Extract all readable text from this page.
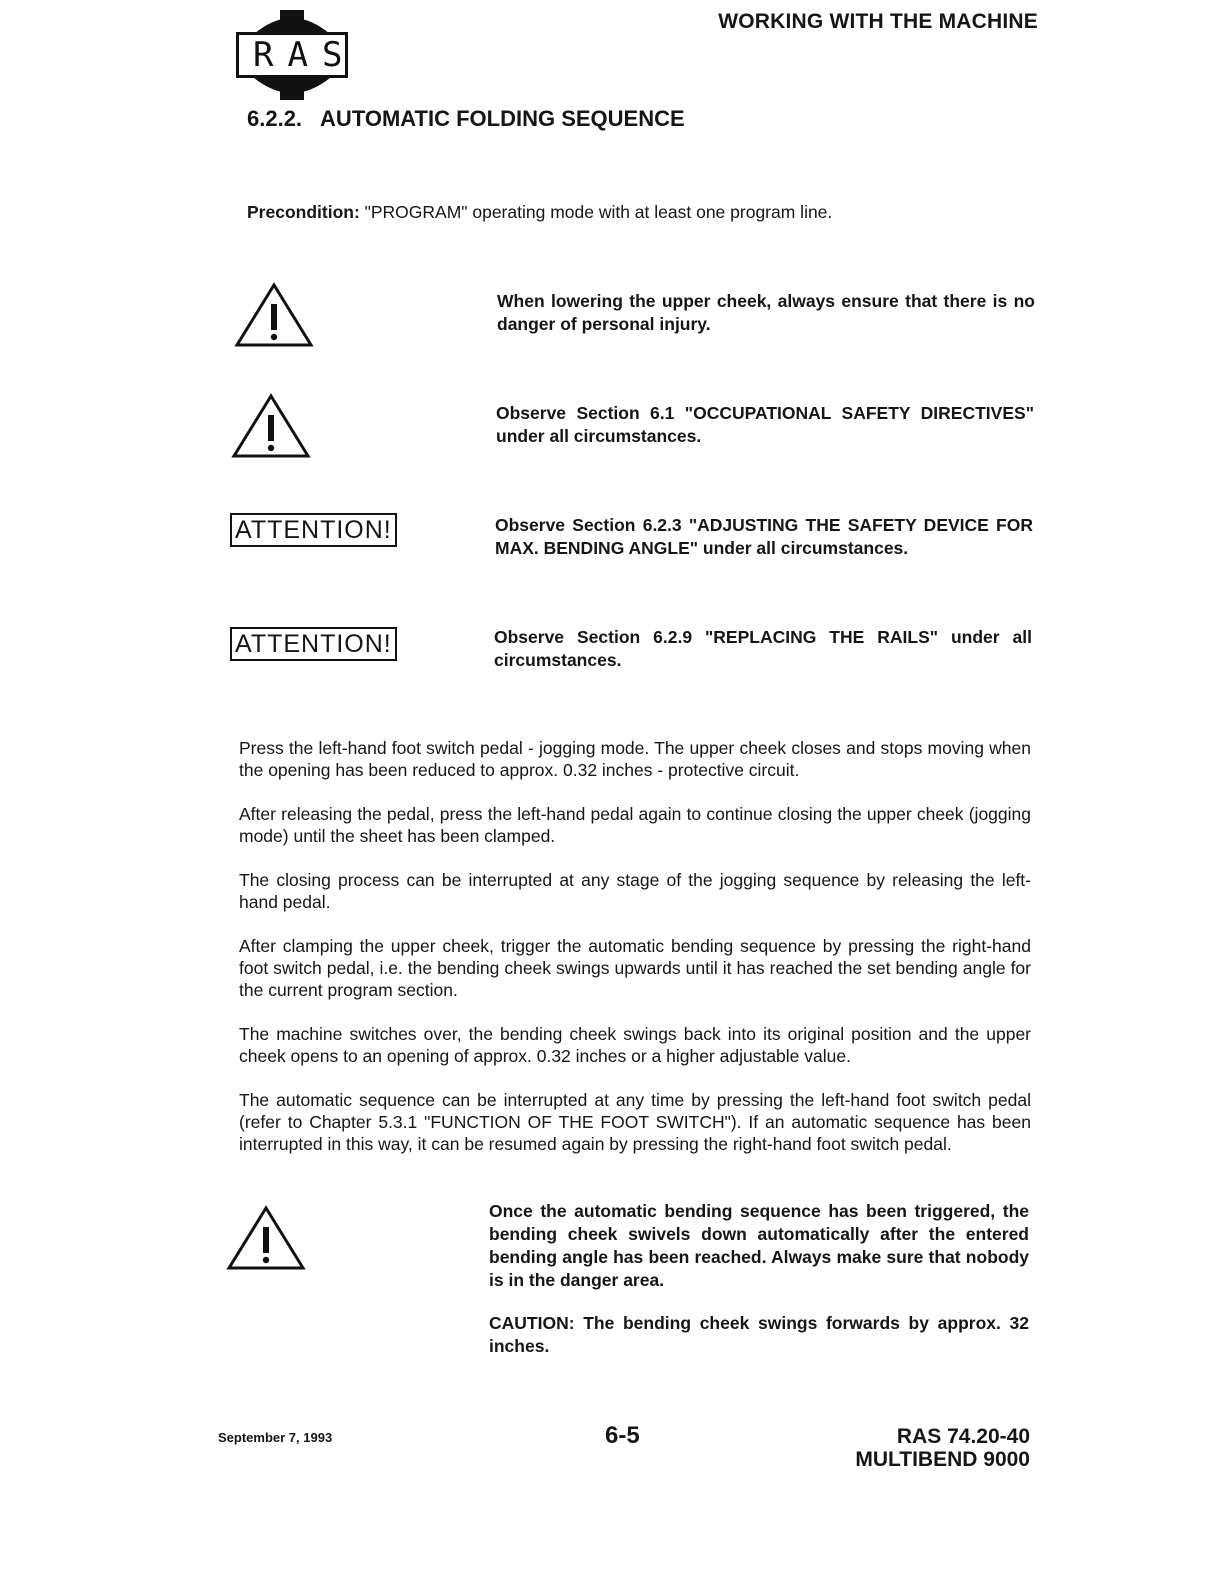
RAS
WORKING WITH THE MACHINE
6.2.2. AUTOMATIC FOLDING SEQUENCE
Precondition: "PROGRAM" operating mode with at least one program line.
When lowering the upper cheek, always ensure that there is no danger of personal injury.
Observe Section 6.1 "OCCUPATIONAL SAFETY DIRECTIVES" under all circumstances.
ATTENTION!	Observe Section 6.2.3 "ADJUSTING THE SAFETY DEVICE FOR MAX. BENDING ANGLE" under all circumstances.
ATTENTION!	Observe Section 6.2.9 "REPLACING THE RAILS" under all circumstances.
Press the left-hand foot switch pedal - jogging mode. The upper cheek closes and stops moving when the opening has been reduced to approx. 0.32 inches - protective circuit.
After releasing the pedal, press the left-hand pedal again to continue closing the upper cheek (jogging mode) until the sheet has been clamped.
The closing process can be interrupted at any stage of the jogging sequence by releasing the left-hand pedal.
After clamping the upper cheek, trigger the automatic bending sequence by pressing the right-hand foot switch pedal, i.e. the bending cheek swings upwards until it has reached the set bending angle for the current program section.
The machine switches over, the bending cheek swings back into its original position and the upper cheek opens to an opening of approx. 0.32 inches or a higher adjustable value.
The automatic sequence can be interrupted at any time by pressing the left-hand foot switch pedal (refer to Chapter 5.3.1 "FUNCTION OF THE FOOT SWITCH"). If an automatic sequence has been interrupted in this way, it can be resumed again by pressing the right-hand foot switch pedal.
Once the automatic bending sequence has been triggered, the bending cheek swivels down automatically after the entered bending angle has been reached. Always make sure that nobody is in the danger area.
CAUTION: The bending cheek swings forwards by approx. 32 inches.
September 7, 1993	6-5	RAS 74.20-40
MULTIBEND 9000
